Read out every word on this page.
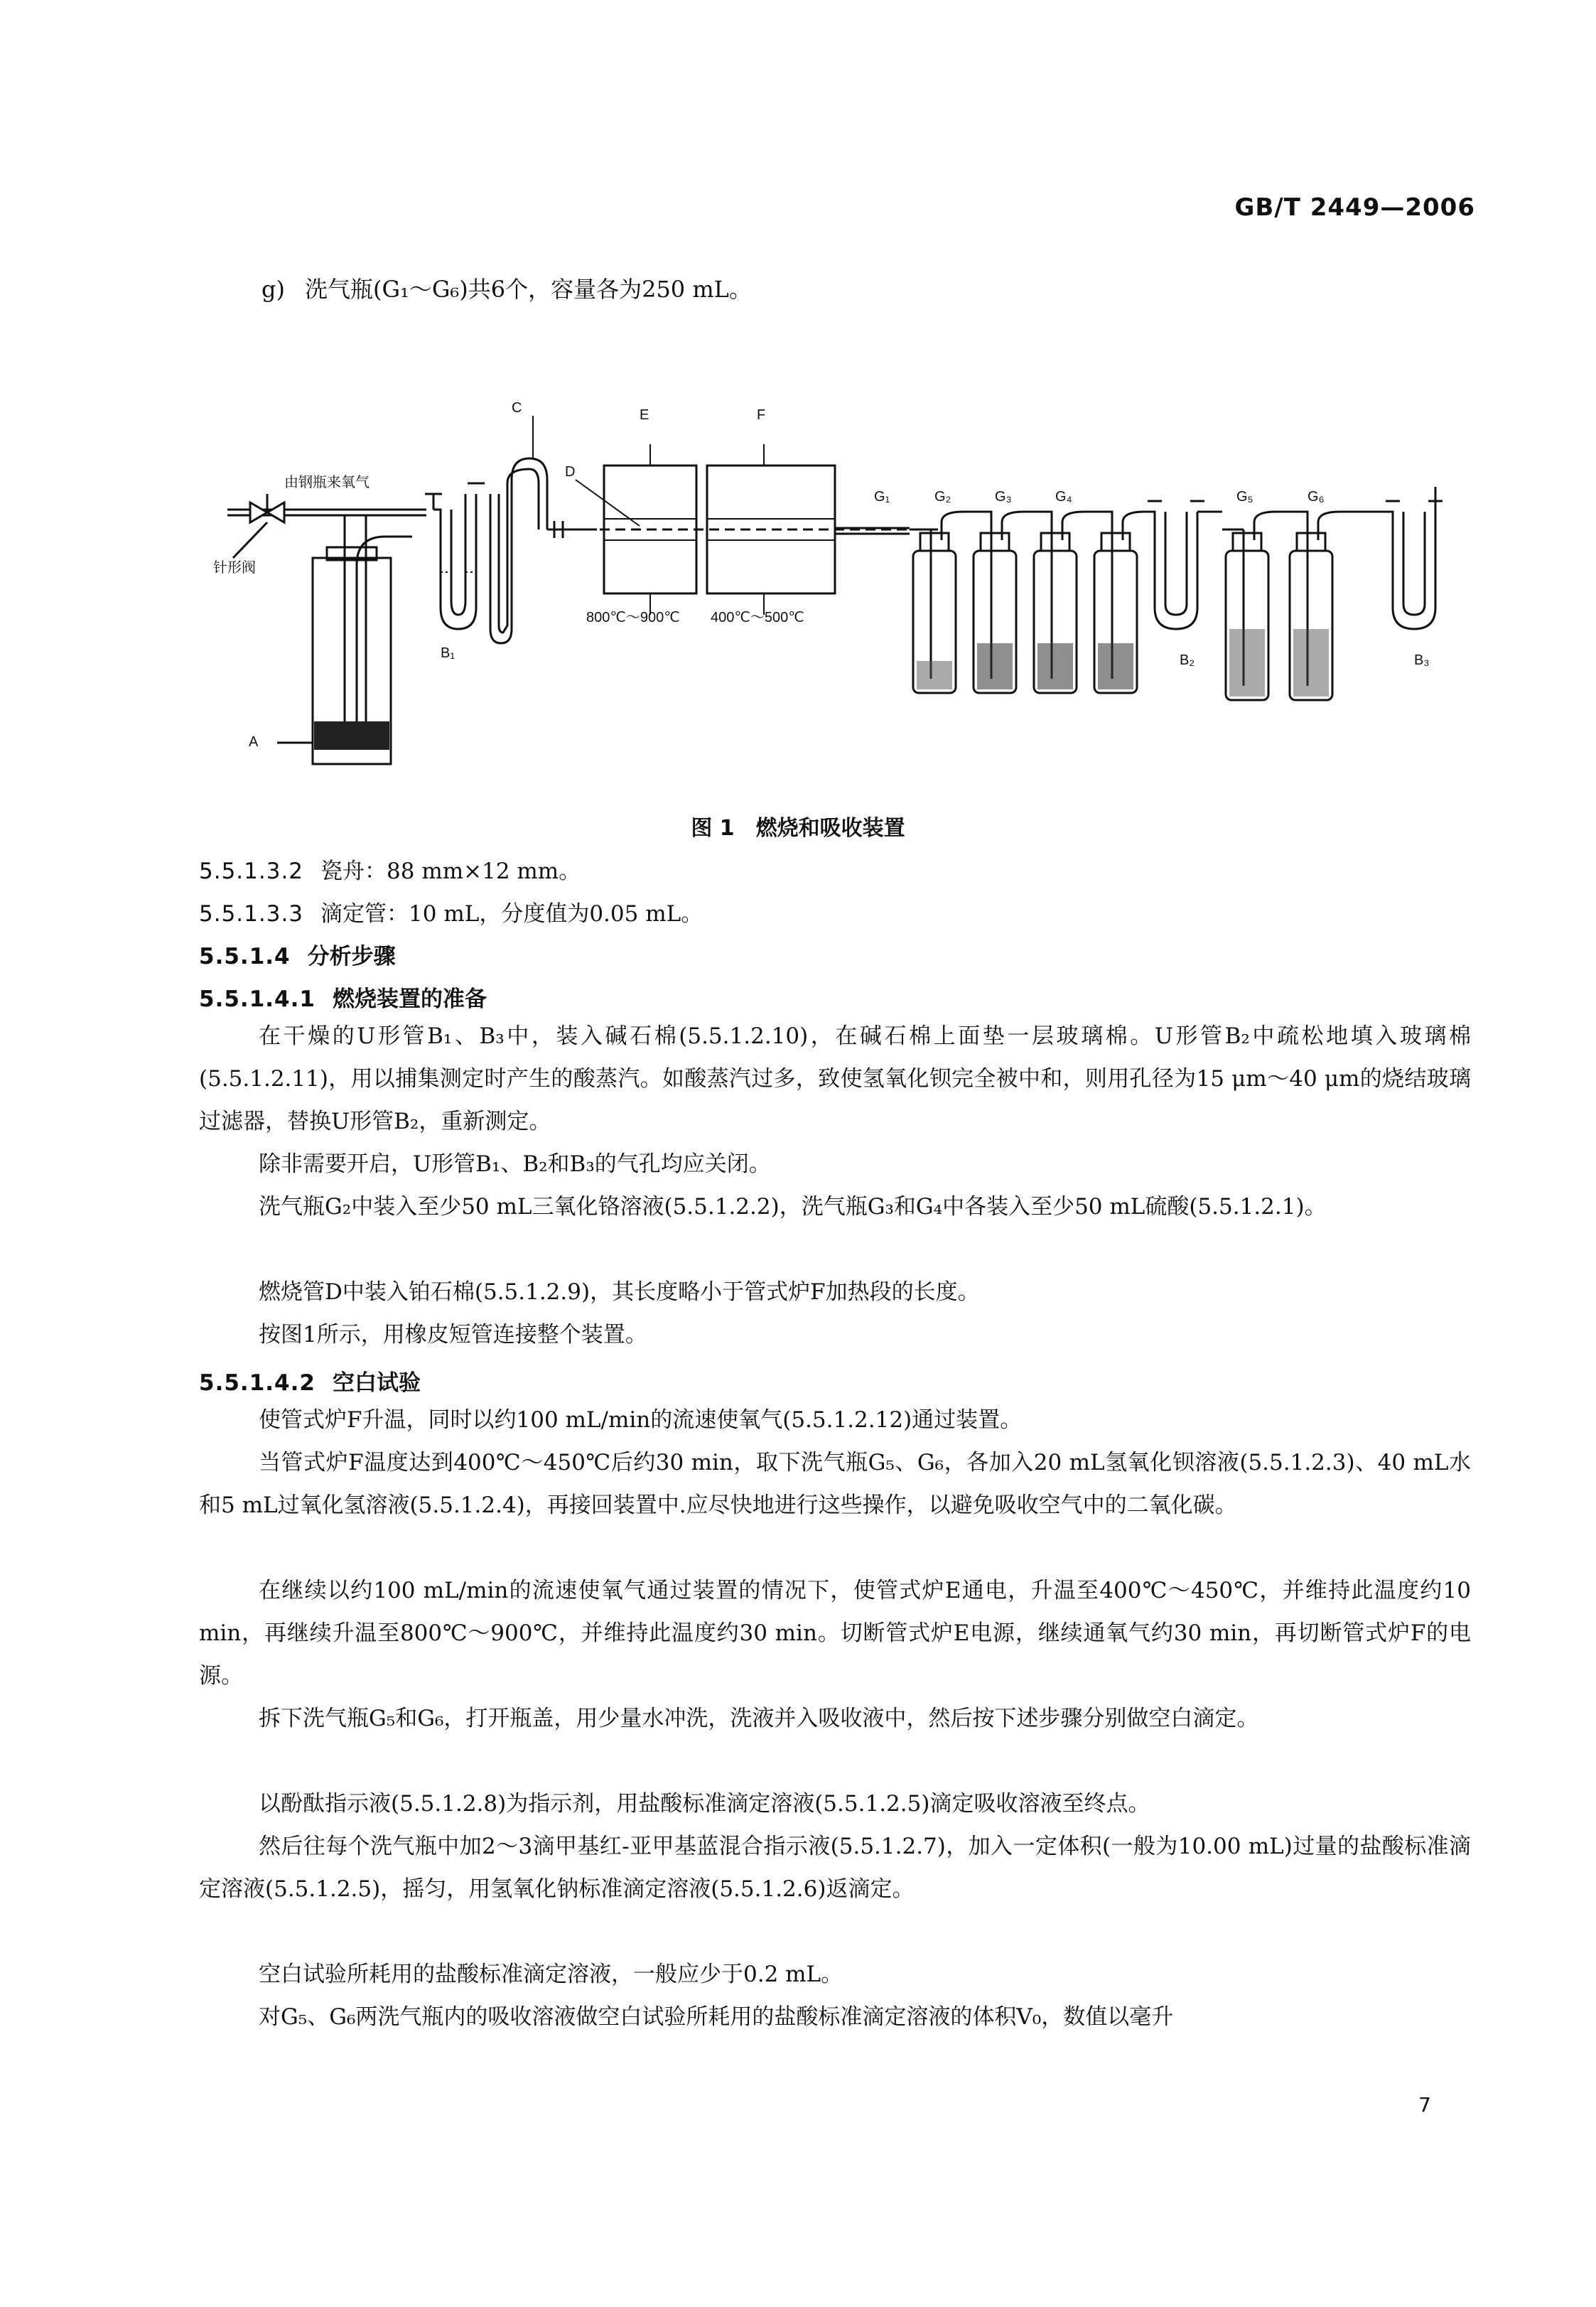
GB/T 2449—2006
g) 洗气瓶(G₁～G₆)共6个，容量各为250 mL。
C	E	F
D
由钢瓶来氧气
针形阀
800℃～900℃ 400℃～500℃
B₁	B₂	B₃
A
G₁	G₂	G₃	G₄	G₅	G₆
图 1 燃烧和吸收装置
5.5.1.3.2 瓷舟：88 mm×12 mm。
5.5.1.3.3 滴定管：10 mL，分度值为0.05 mL。
5.5.1.4 分析步骤
5.5.1.4.1 燃烧装置的准备
在干燥的U形管B₁、B₃中，装入碱石棉(5.5.1.2.10)，在碱石棉上面垫一层玻璃棉。U形管B₂中疏松地填入玻璃棉(5.5.1.2.11)，用以捕集测定时产生的酸蒸汽。如酸蒸汽过多，致使氢氧化钡完全被中和，则用孔径为15 μm～40 μm的烧结玻璃过滤器，替换U形管B₂，重新测定。
除非需要开启，U形管B₁、B₂和B₃的气孔均应关闭。
洗气瓶G₂中装入至少50 mL三氧化铬溶液(5.5.1.2.2)，洗气瓶G₃和G₄中各装入至少50 mL硫酸(5.5.1.2.1)。
燃烧管D中装入铂石棉(5.5.1.2.9)，其长度略小于管式炉F加热段的长度。
按图1所示，用橡皮短管连接整个装置。
5.5.1.4.2 空白试验
使管式炉F升温，同时以约100 mL/min的流速使氧气(5.5.1.2.12)通过装置。
当管式炉F温度达到400℃～450℃后约30 min，取下洗气瓶G₅、G₆，各加入20 mL氢氧化钡溶液(5.5.1.2.3)、40 mL水和5 mL过氧化氢溶液(5.5.1.2.4)，再接回装置中.应尽快地进行这些操作，以避免吸收空气中的二氧化碳。
在继续以约100 mL/min的流速使氧气通过装置的情况下，使管式炉E通电，升温至400℃～450℃，并维持此温度约10 min，再继续升温至800℃～900℃，并维持此温度约30 min。切断管式炉E电源，继续通氧气约30 min，再切断管式炉F的电源。
拆下洗气瓶G₅和G₆，打开瓶盖，用少量水冲洗，洗液并入吸收液中，然后按下述步骤分别做空白滴定。
以酚酞指示液(5.5.1.2.8)为指示剂，用盐酸标准滴定溶液(5.5.1.2.5)滴定吸收溶液至终点。
然后往每个洗气瓶中加2～3滴甲基红-亚甲基蓝混合指示液(5.5.1.2.7)，加入一定体积(一般为10.00 mL)过量的盐酸标准滴定溶液(5.5.1.2.5)，摇匀，用氢氧化钠标准滴定溶液(5.5.1.2.6)返滴定。
空白试验所耗用的盐酸标准滴定溶液，一般应少于0.2 mL。
对G₅、G₆两洗气瓶内的吸收溶液做空白试验所耗用的盐酸标准滴定溶液的体积V₀，数值以毫升
7
